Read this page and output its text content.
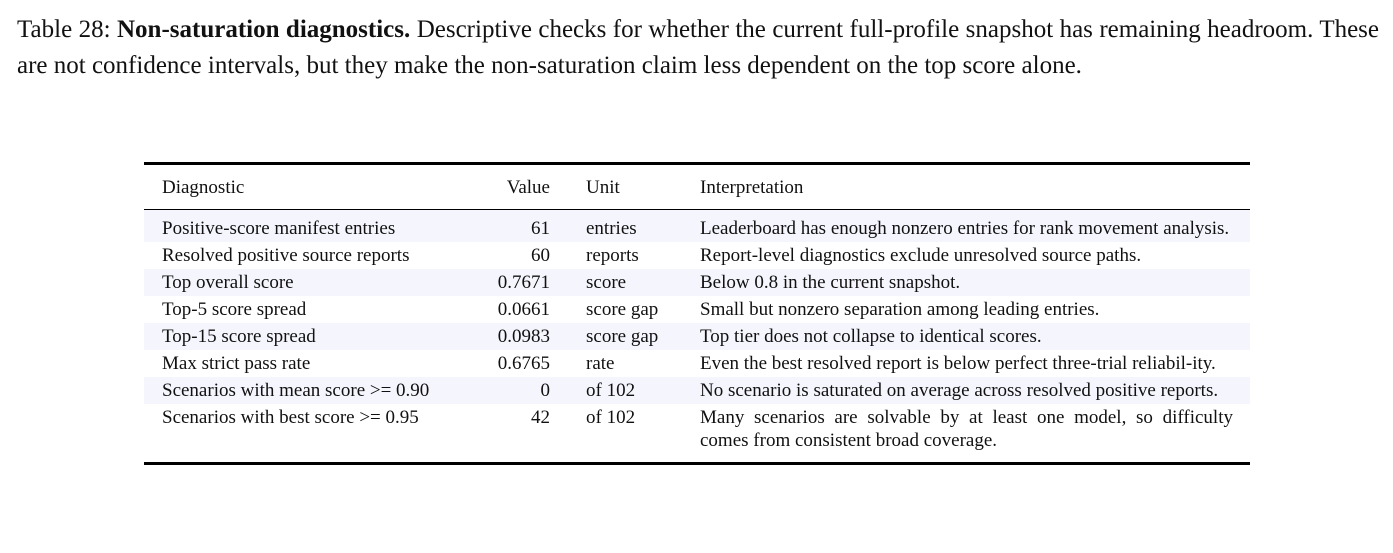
Table 28: Non-saturation diagnostics. Descriptive checks for whether the current full-profile snapshot has remaining headroom. These are not confidence intervals, but they make the non-saturation claim less dependent on the top score alone.
Diagnostic	Value	Unit	Interpretation
Positive-score manifest entries	61	entries	Leaderboard has enough nonzero entries for rank movement analysis.
Resolved positive source reports	60	reports	Report-level diagnostics exclude unresolved source paths.
Top overall score	0.7671	score	Below 0.8 in the current snapshot.
Top-5 score spread	0.0661	score gap	Small but nonzero separation among leading entries.
Top-15 score spread	0.0983	score gap	Top tier does not collapse to identical scores.
Max strict pass rate	0.6765	rate	Even the best resolved report is below perfect three-trial reliabil-ity.
Scenarios with mean score >= 0.90	0	of 102	No scenario is saturated on average across resolved positive reports.
Scenarios with best score >= 0.95	42	of 102	Many scenarios are solvable by at least one model, so difficulty comes from consistent broad coverage.
